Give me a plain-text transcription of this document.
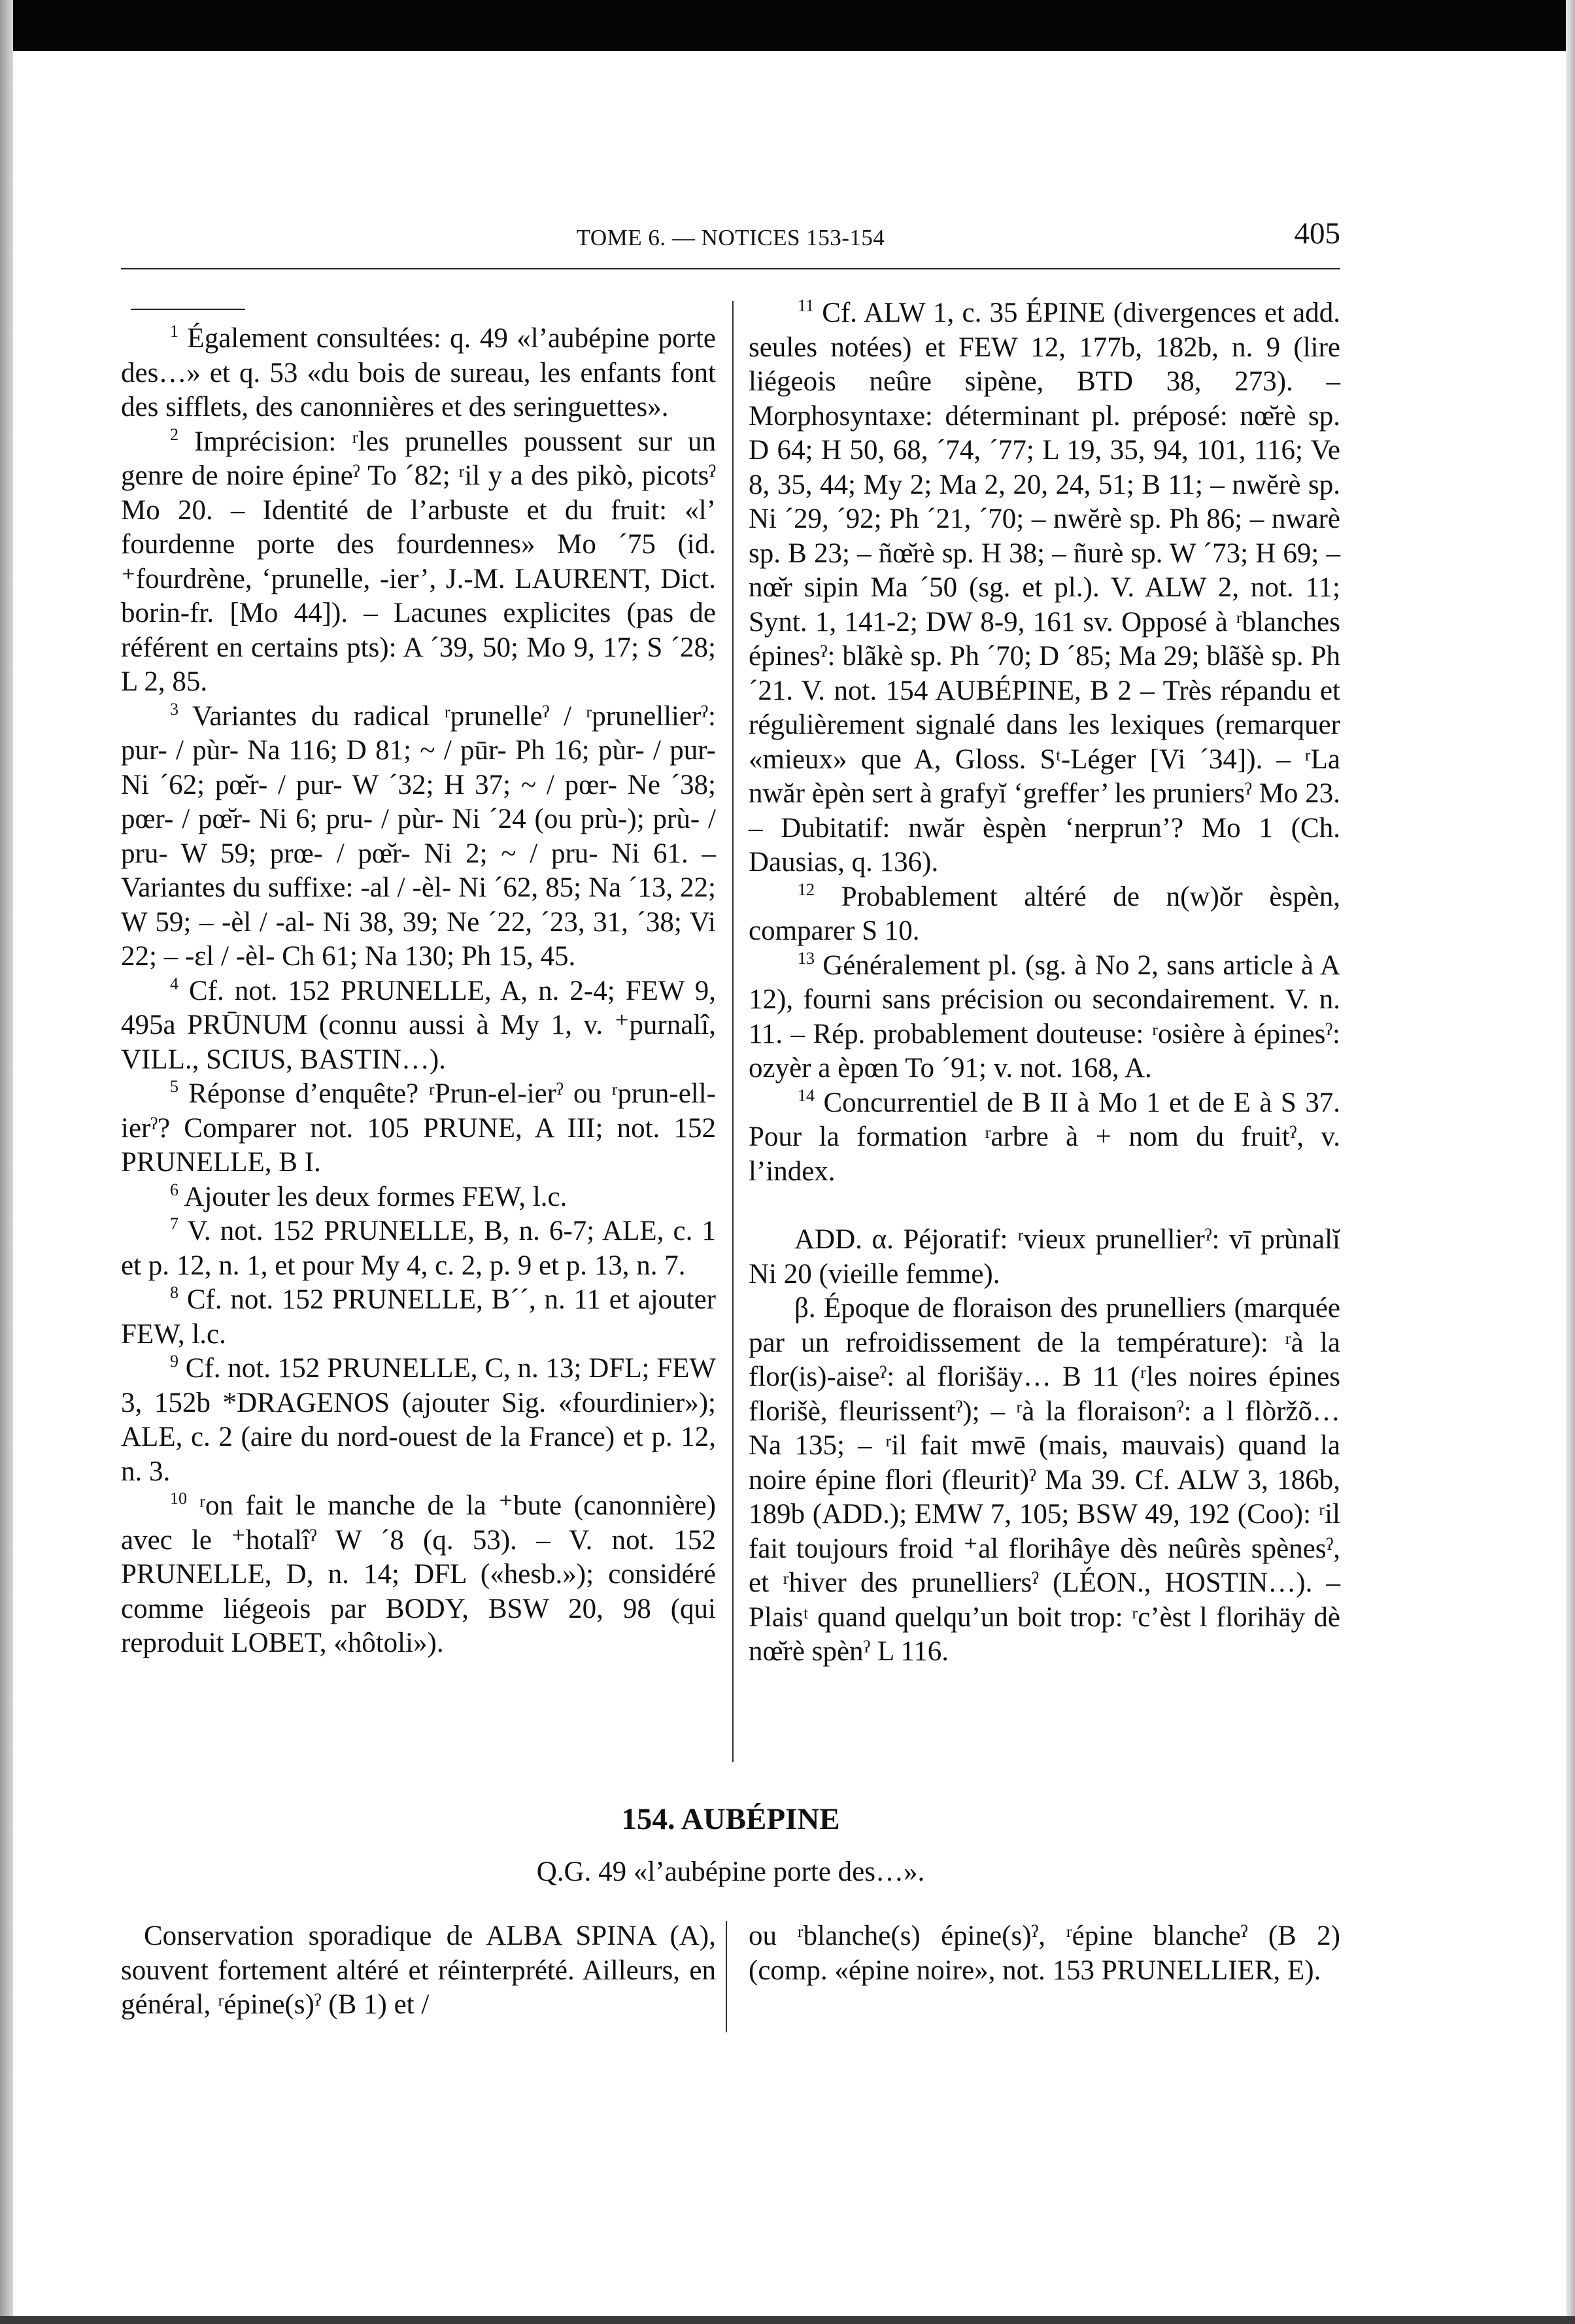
TOME 6. — NOTICES 153-154	405

$^1$ Également consultées: q. 49 «l’aubépine porte des…» et q. 53 «du bois de sureau, les enfants font des sifflets, des canonnières et des seringuettes».

$^2$ Imprécision: ʳles prunelles poussent sur un genre de noire épineˀ To ´82; ʳil y a des pikò, picotsˀ Mo 20. – Identité de l’arbuste et du fruit: «l’ fourdenne porte des fourdennes» Mo ´75 (id. ⁺fourdrène, ‘prunelle, -ier’, J.-M. LAURENT, Dict. borin-fr. [Mo 44]). – Lacunes explicites (pas de référent en certains pts): A ´39, 50; Mo 9, 17; S ´28; L 2, 85.

$^3$ Variantes du radical ʳprunelleˀ / ʳprunellierˀ: pur- / pùr- Na 116; D 81; ~ / pūr- Ph 16; pùr- / pur- Ni ´62; pœ̆r- / pur- W ´32; H 37; ~ / pœr- Ne ´38; pœr- / pœ̆r- Ni 6; pru- / pùr- Ni ´24 (ou prù-); prù- / pru- W 59; prœ- / pœ̆r- Ni 2; ~ / pru- Ni 61. – Variantes du suffixe: -al / -èl- Ni ´62, 85; Na ´13, 22; W 59; – -èl / -al- Ni 38, 39; Ne ´22, ´23, 31, ´38; Vi 22; – -ɛl / -èl- Ch 61; Na 130; Ph 15, 45.

$^4$ Cf. not. 152 PRUNELLE, A, n. 2-4; FEW 9, 495a PRŪNUM (connu aussi à My 1, v. ⁺purnalî, VILL., SCIUS, BASTIN…).

$^5$ Réponse d’enquête? ʳPrun-el-ierˀ ou ʳprun-ell-ierˀ? Comparer not. 105 PRUNE, A III; not. 152 PRUNELLE, B I.

$^6$ Ajouter les deux formes FEW, l.c.

$^7$ V. not. 152 PRUNELLE, B, n. 6-7; ALE, c. 1 et p. 12, n. 1, et pour My 4, c. 2, p. 9 et p. 13, n. 7.

$^8$ Cf. not. 152 PRUNELLE, B´´, n. 11 et ajouter FEW, l.c.

$^9$ Cf. not. 152 PRUNELLE, C, n. 13; DFL; FEW 3, 152b *DRAGENOS (ajouter Sig. «fourdinier»); ALE, c. 2 (aire du nord-ouest de la France) et p. 12, n. 3.

$^{10}$ ʳon fait le manche de la ⁺bute (canonnière) avec le ⁺hotalîˀ W ´8 (q. 53). – V. not. 152 PRUNELLE, D, n. 14; DFL («hesb.»); considéré comme liégeois par BODY, BSW 20, 98 (qui reproduit LOBET, «hôtoli»).

$^{11}$ Cf. ALW 1, c. 35 ÉPINE (divergences et add. seules notées) et FEW 12, 177b, 182b, n. 9 (lire liégeois neûre sipène, BTD 38, 273). – Morphosyntaxe: déterminant pl. préposé: nœ̆rè sp. D 64; H 50, 68, ´74, ´77; L 19, 35, 94, 101, 116; Ve 8, 35, 44; My 2; Ma 2, 20, 24, 51; B 11; – nwĕrè sp. Ni ´29, ´92; Ph ´21, ´70; – nwĕrè sp. Ph 86; – nwarè sp. B 23; – ñœ̆rè sp. H 38; – ñurè sp. W ´73; H 69; – nœ̆r sipin Ma ´50 (sg. et pl.). V. ALW 2, not. 11; Synt. 1, 141-2; DW 8-9, 161 sv. Opposé à ʳblanches épinesˀ: blãkè sp. Ph ´70; D ´85; Ma 29; blãšè sp. Ph ´21. V. not. 154 AUBÉPINE, B 2 – Très répandu et régulièrement signalé dans les lexiques (remarquer «mieux» que A, Gloss. Sᵗ-Léger [Vi ´34]). – ʳLa nwăr èpèn sert à grafyĭ ‘greffer’ les pruniersˀ Mo 23. – Dubitatif: nwăr èspèn ‘nerprun’? Mo 1 (Ch. Dausias, q. 136).

$^{12}$ Probablement altéré de n(w)ŏr èspèn, comparer S 10.

$^{13}$ Généralement pl. (sg. à No 2, sans article à A 12), fourni sans précision ou secondairement. V. n. 11. – Rép. probablement douteuse: ʳosière à épinesˀ: ozyèr a èpœn To ´91; v. not. 168, A.

$^{14}$ Concurrentiel de B II à Mo 1 et de E à S 37. Pour la formation ʳarbre à + nom du fruitˀ, v. l’index.

ADD. α. Péjoratif: ʳvieux prunellierˀ: vī prùnalĭ Ni 20 (vieille femme).

β. Époque de floraison des prunelliers (marquée par un refroidissement de la température): ʳà la flor(is)-aiseˀ: al florišäy… B 11 (ʳles noires épines florišè, fleurissentˀ); – ʳà la floraisonˀ: a l flòržõ… Na 135; – ʳil fait mwē (mais, mauvais) quand la noire épine flori (fleurit)ˀ Ma 39. Cf. ALW 3, 186b, 189b (ADD.); EMW 7, 105; BSW 49, 192 (Coo): ʳil fait toujours froid ⁺al florihâye dès neûrès spènesˀ, et ʳhiver des prunelliersˀ (LÉON., HOSTIN…). – Plaisᵗ quand quelqu’un boit trop: ʳc’èst l florihäy dè nœ̆rè spènˀ L 116.

154. AUBÉPINE
Q.G. 49 «l’aubépine porte des…».

Conservation sporadique de ALBA SPINA (A), souvent fortement altéré et réinterprété. Ailleurs, en général, ʳépine(s)ˀ (B 1) et /

ou ʳblanche(s) épine(s)ˀ, ʳépine blancheˀ (B 2) (comp. «épine noire», not. 153 PRUNELLIER, E).
